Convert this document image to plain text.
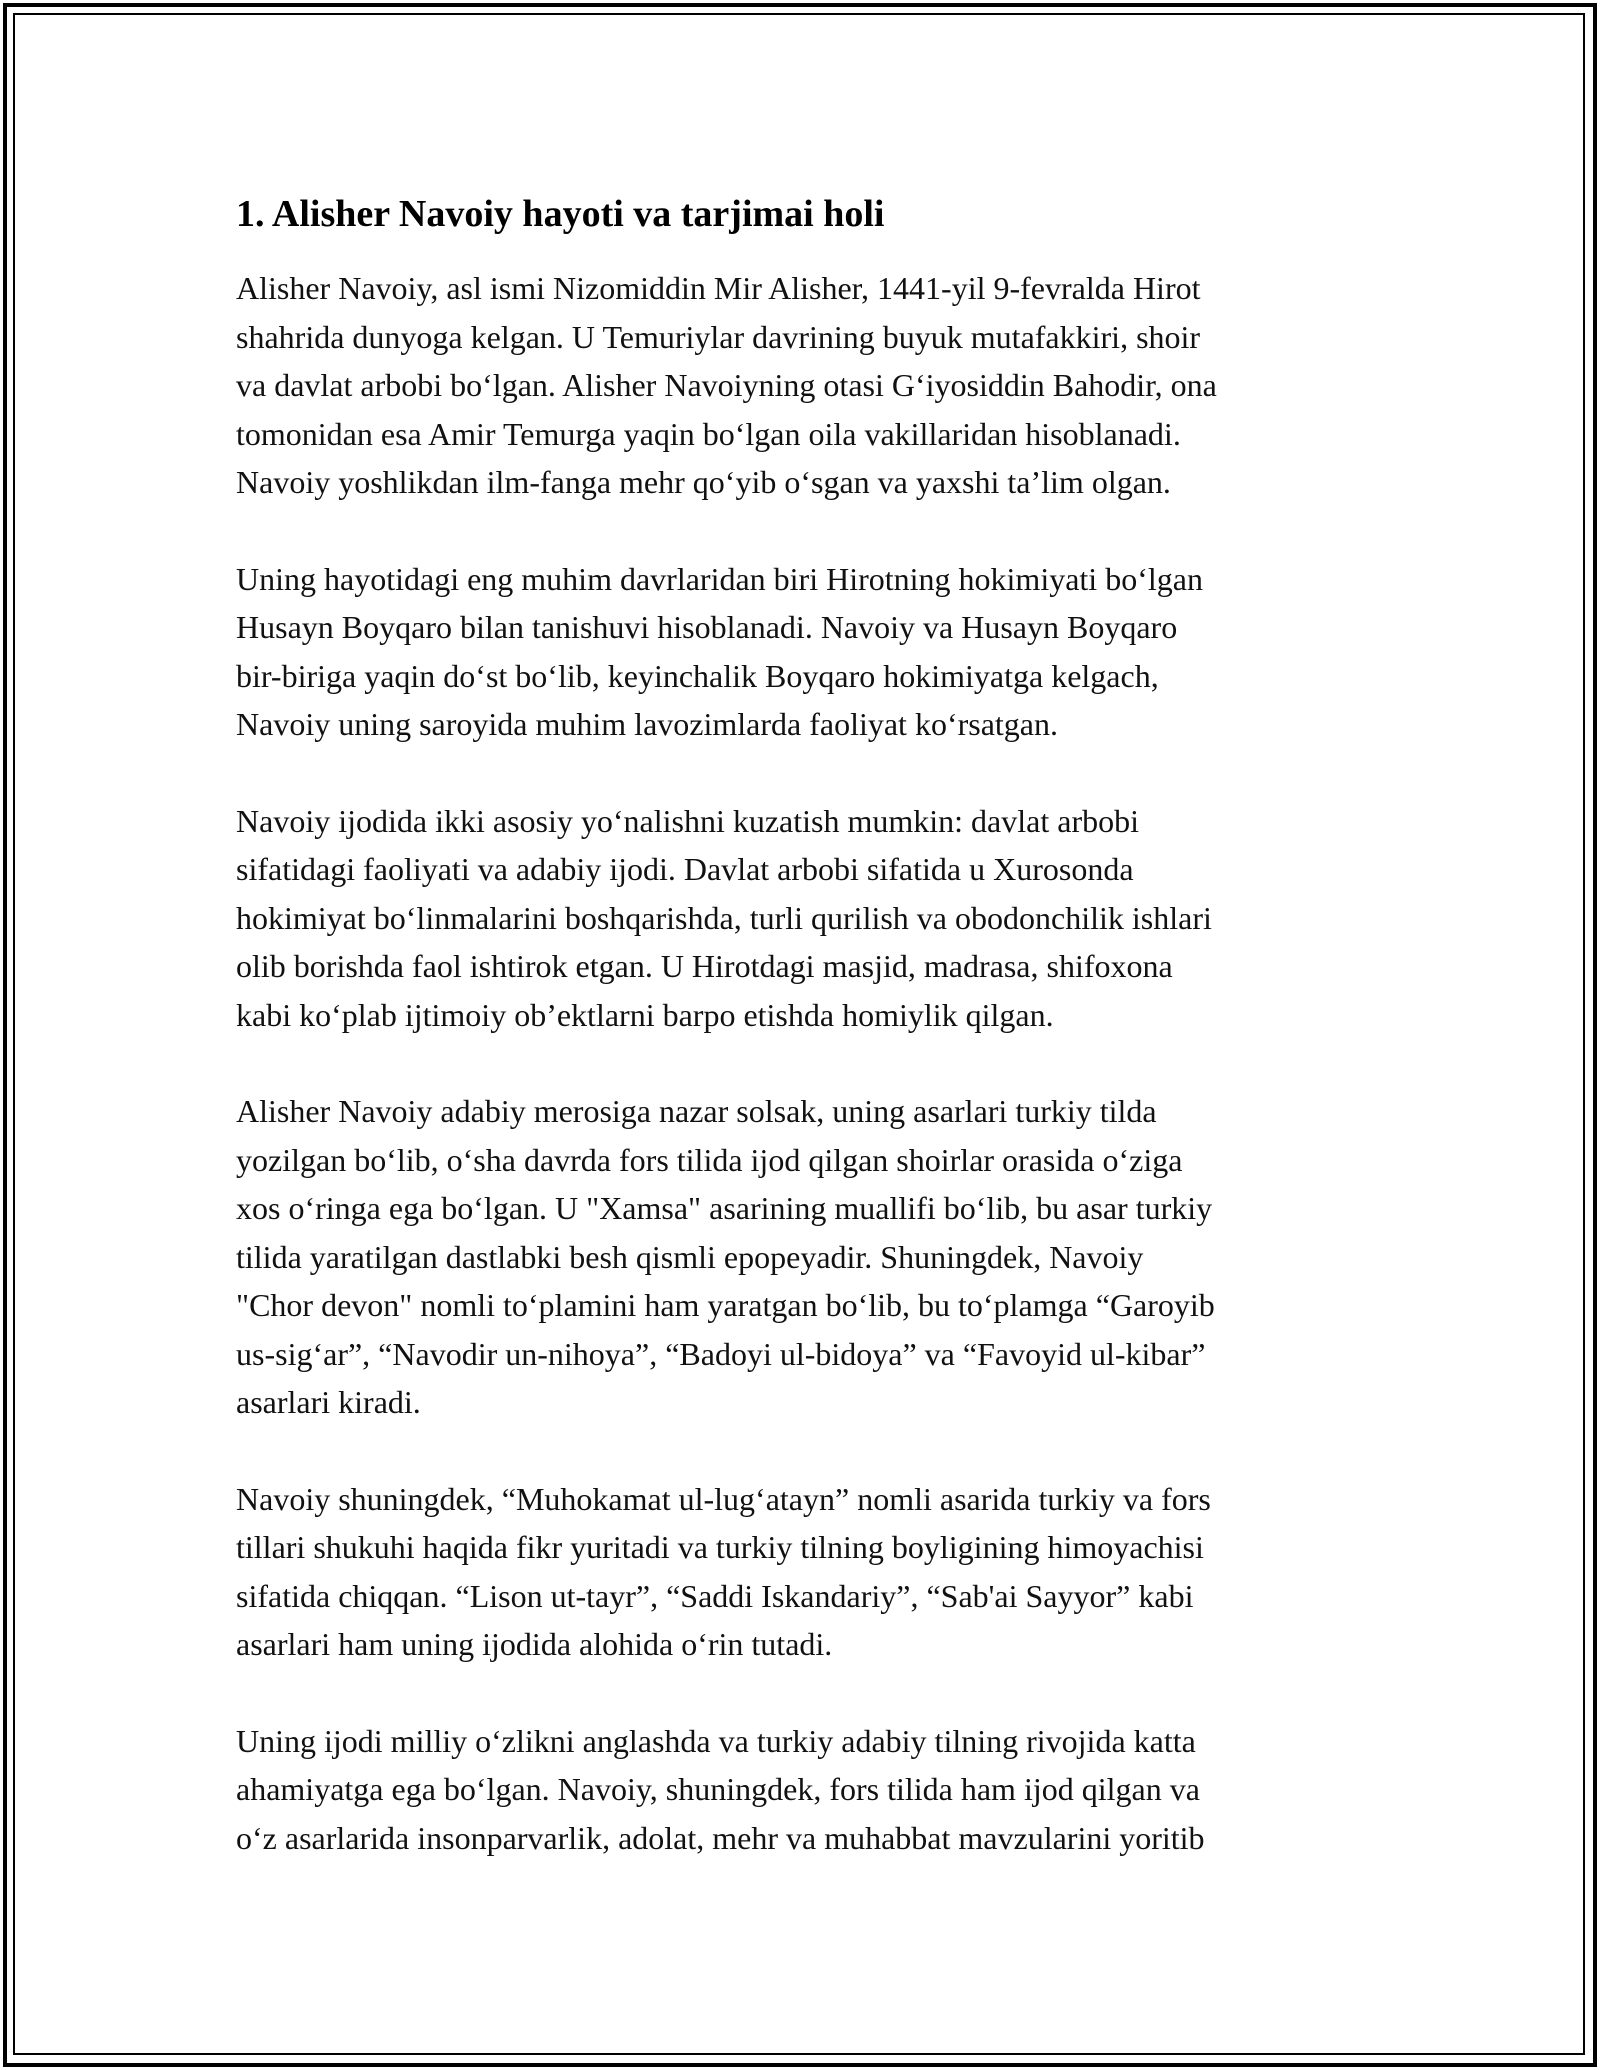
1. Alisher Navoiy hayoti va tarjimai holi

Alisher Navoiy, asl ismi Nizomiddin Mir Alisher, 1441-yil 9-fevralda Hirot
shahrida dunyoga kelgan. U Temuriylar davrining buyuk mutafakkiri, shoir
va davlat arbobi bo‘lgan. Alisher Navoiyning otasi G‘iyosiddin Bahodir, ona
tomonidan esa Amir Temurga yaqin bo‘lgan oila vakillaridan hisoblanadi.
Navoiy yoshlikdan ilm-fanga mehr qo‘yib o‘sgan va yaxshi ta’lim olgan.

Uning hayotidagi eng muhim davrlaridan biri Hirotning hokimiyati bo‘lgan
Husayn Boyqaro bilan tanishuvi hisoblanadi. Navoiy va Husayn Boyqaro
bir-biriga yaqin do‘st bo‘lib, keyinchalik Boyqaro hokimiyatga kelgach,
Navoiy uning saroyida muhim lavozimlarda faoliyat ko‘rsatgan.

Navoiy ijodida ikki asosiy yo‘nalishni kuzatish mumkin: davlat arbobi
sifatidagi faoliyati va adabiy ijodi. Davlat arbobi sifatida u Xurosonda
hokimiyat bo‘linmalarini boshqarishda, turli qurilish va obodonchilik ishlari
olib borishda faol ishtirok etgan. U Hirotdagi masjid, madrasa, shifoxona
kabi ko‘plab ijtimoiy ob’ektlarni barpo etishda homiylik qilgan.

Alisher Navoiy adabiy merosiga nazar solsak, uning asarlari turkiy tilda
yozilgan bo‘lib, o‘sha davrda fors tilida ijod qilgan shoirlar orasida o‘ziga
xos o‘ringa ega bo‘lgan. U "Xamsa" asarining muallifi bo‘lib, bu asar turkiy
tilida yaratilgan dastlabki besh qismli epopeyadir. Shuningdek, Navoiy
"Chor devon" nomli to‘plamini ham yaratgan bo‘lib, bu to‘plamga “Garoyib
us-sig‘ar”, “Navodir un-nihoya”, “Badoyi ul-bidoya” va “Favoyid ul-kibar”
asarlari kiradi.

Navoiy shuningdek, “Muhokamat ul-lug‘atayn” nomli asarida turkiy va fors
tillari shukuhi haqida fikr yuritadi va turkiy tilning boyligining himoyachisi
sifatida chiqqan. “Lison ut-tayr”, “Saddi Iskandariy”, “Sab'ai Sayyor” kabi
asarlari ham uning ijodida alohida o‘rin tutadi.

Uning ijodi milliy o‘zlikni anglashda va turkiy adabiy tilning rivojida katta
ahamiyatga ega bo‘lgan. Navoiy, shuningdek, fors tilida ham ijod qilgan va
o‘z asarlarida insonparvarlik, adolat, mehr va muhabbat mavzularini yoritib
